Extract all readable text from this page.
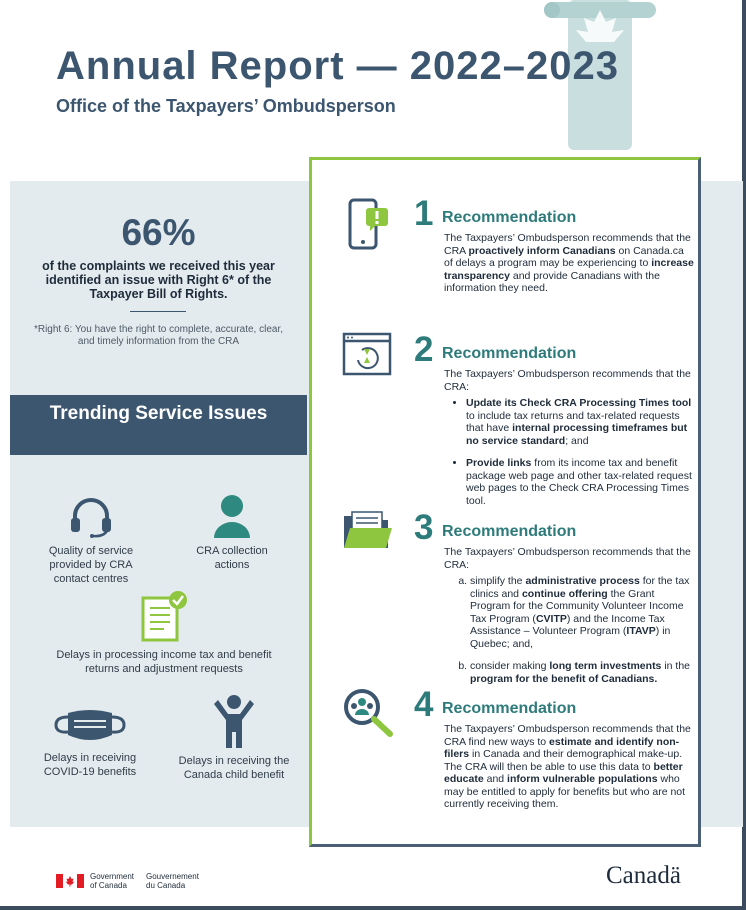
Annual Report — 2022–2023
Office of the Taxpayers’ Ombudsperson
66%
of the complaints we received this year identified an issue with Right 6* of the Taxpayer Bill of Rights.
*Right 6: You have the right to complete, accurate, clear, and timely information from the CRA
Trending Service Issues
Quality of service provided by CRA contact centres
CRA collection actions
Delays in processing income tax and benefit returns and adjustment requests
Delays in receiving COVID-19 benefits
Delays in receiving the Canada child benefit
1 Recommendation

The Taxpayers’ Ombudsperson recommends that the CRA proactively inform Canadians on Canada.ca of delays a program may be experiencing to increase transparency and provide Canadians with the information they need.

2 Recommendation

The Taxpayers’ Ombudsperson recommends that the CRA:

• Update its Check CRA Processing Times tool to include tax returns and tax-related requests that have internal processing timeframes but no service standard; and
• Provide links from its income tax and benefit package web page and other tax-related request web pages to the Check CRA Processing Times tool.
3 Recommendation

The Taxpayers’ Ombudsperson recommends that the CRA:

a. simplify the administrative process for the tax clinics and continue offering the Grant Program for the Community Volunteer Income Tax Program (CVITP) and the Income Tax Assistance – Volunteer Program (ITAVP) in Quebec; and,
b. consider making long term investments in the program for the benefit of Canadians.
4 Recommendation

The Taxpayers’ Ombudsperson recommends that the CRA find new ways to estimate and identify non-filers in Canada and their demographical make-up. The CRA will then be able to use this data to better educate and inform vulnerable populations who may be entitled to apply for benefits but who are not currently receiving them.

Government of Canada
Gouvernement du Canada	Canadä
